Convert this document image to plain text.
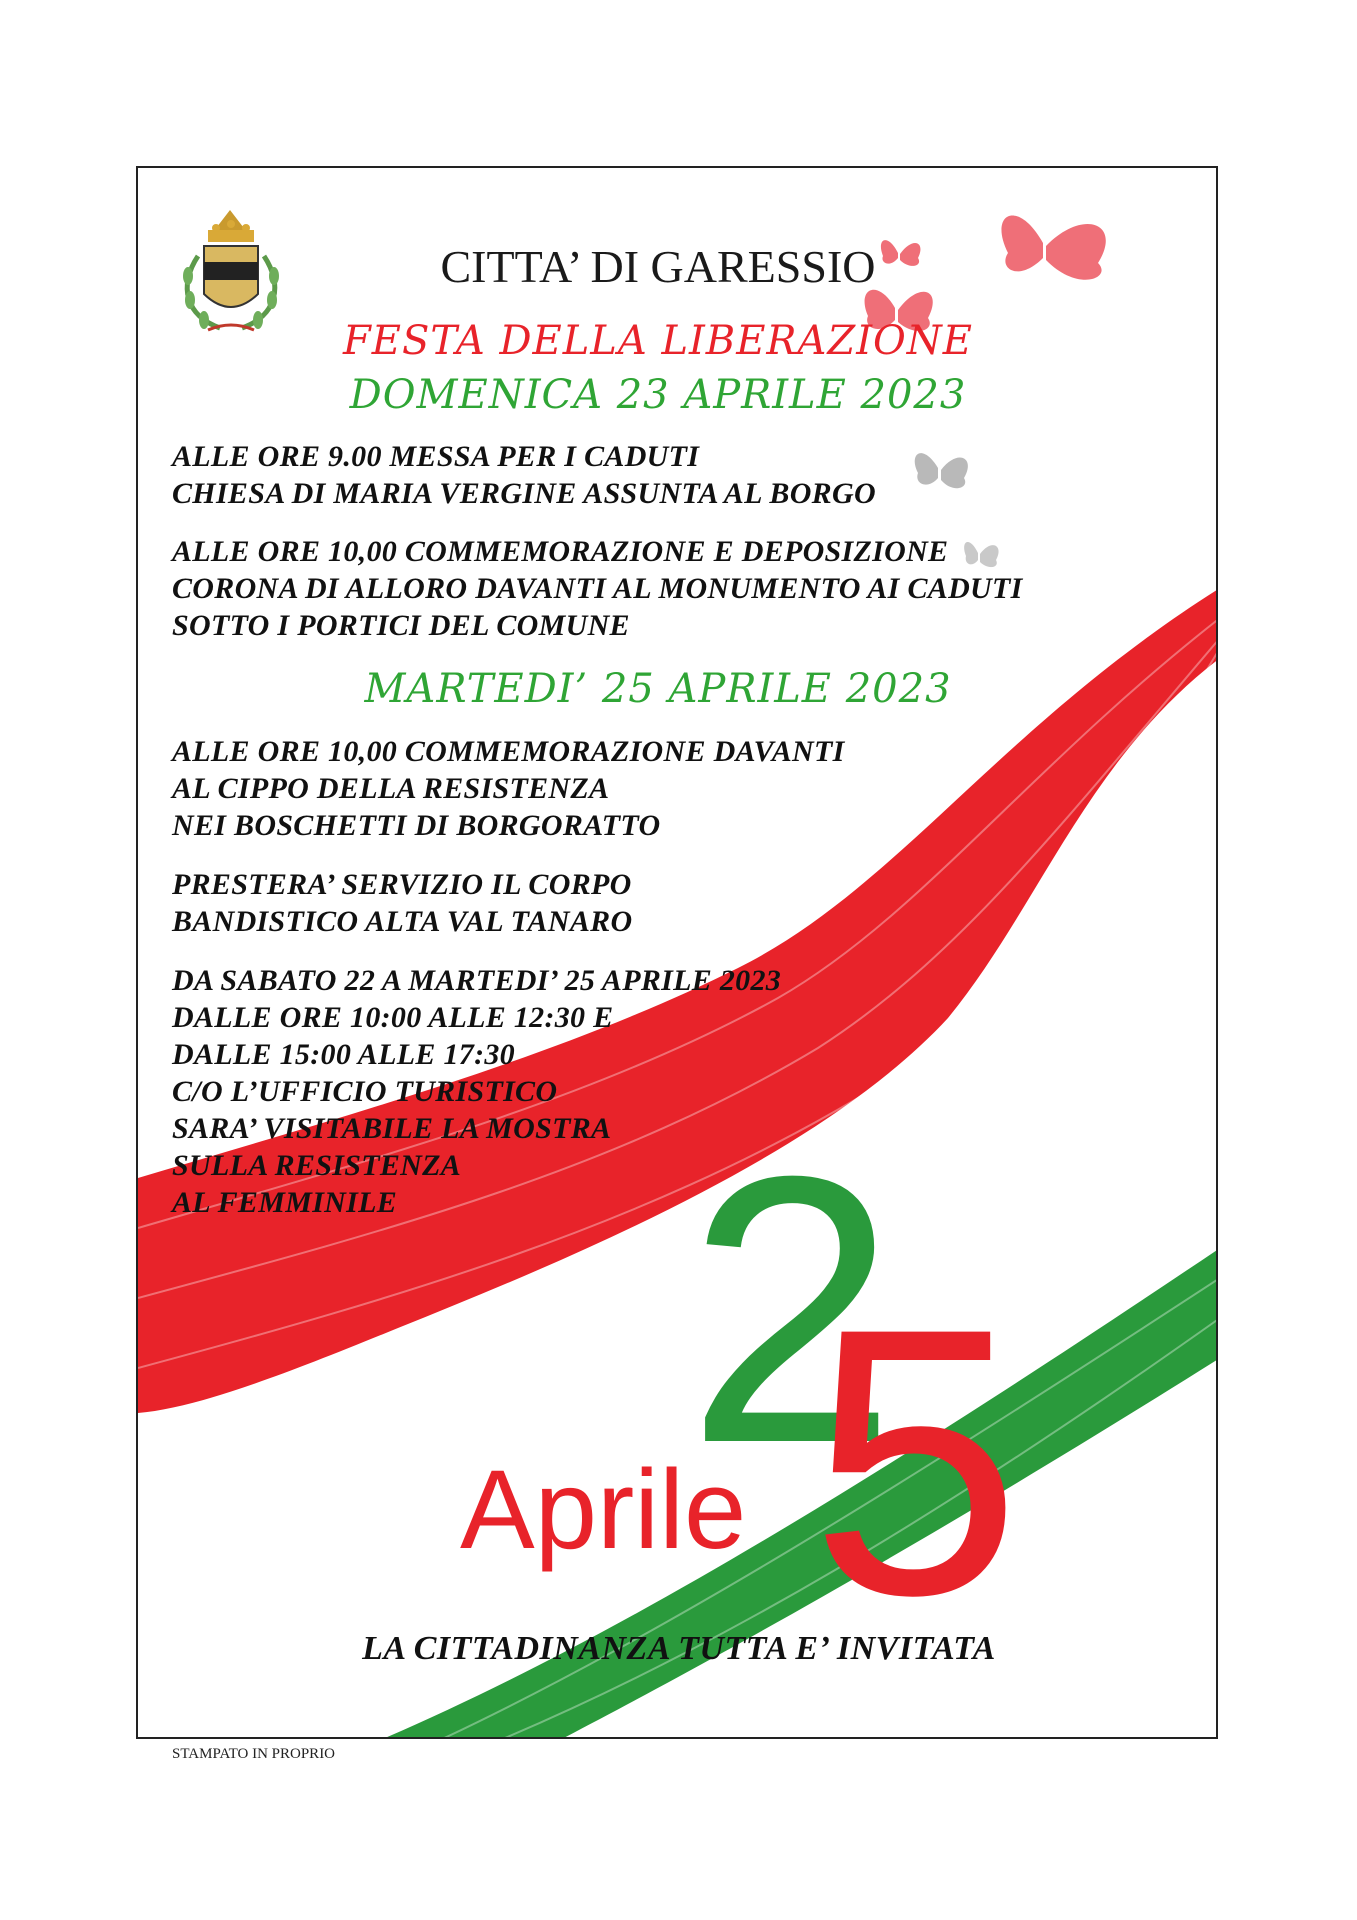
2
5
Aprile

CITTA’ DI GARESSIO

FESTA DELLA LIBERAZIONE

DOMENICA 23 APRILE 2023

ALLE ORE 9.00 MESSA PER I CADUTI
CHIESA DI MARIA VERGINE ASSUNTA AL BORGO
ALLE ORE 10,00 COMMEMORAZIONE E DEPOSIZIONE
CORONA DI ALLORO DAVANTI AL MONUMENTO AI CADUTI
SOTTO I PORTICI DEL COMUNE

MARTEDI’ 25 APRILE 2023

ALLE ORE 10,00 COMMEMORAZIONE DAVANTI
AL CIPPO DELLA RESISTENZA
NEI BOSCHETTI DI BORGORATTO
PRESTERA’ SERVIZIO IL CORPO
BANDISTICO ALTA VAL TANARO
DA SABATO 22 A MARTEDI’ 25 APRILE 2023
DALLE ORE 10:00 ALLE 12:30 E
DALLE 15:00 ALLE 17:30
C/O L’UFFICIO TURISTICO
SARA’ VISITABILE LA MOSTRA
SULLA RESISTENZA
AL FEMMINILE

LA CITTADINANZA TUTTA E’ INVITATA

STAMPATO IN PROPRIO
